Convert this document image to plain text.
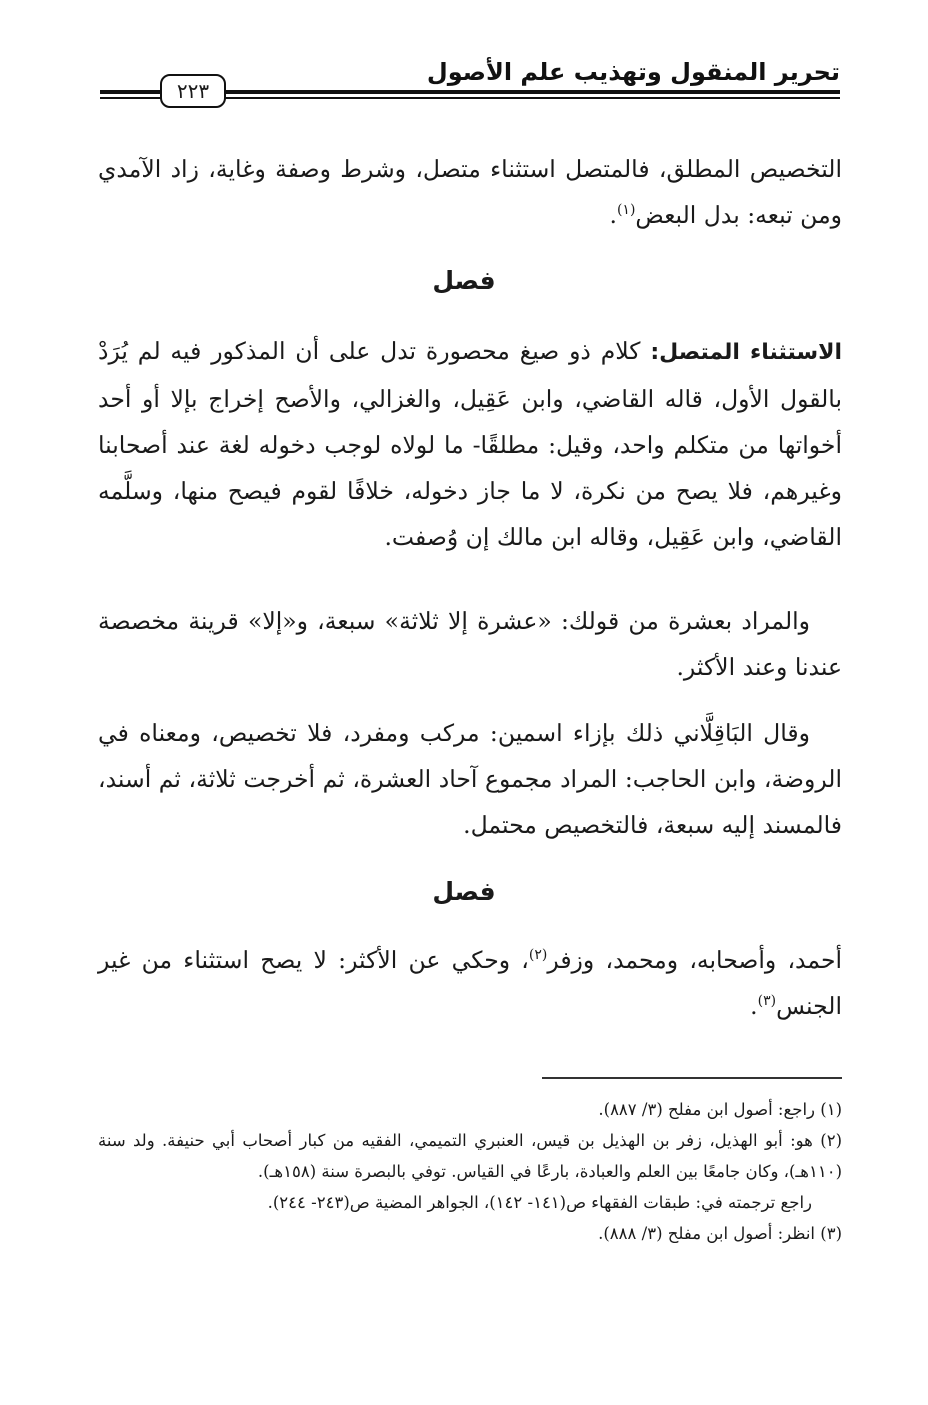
تحرير المنقول وتهذيب علم الأصول
٢٢٣

التخصيص المطلق، فالمتصل استثناء متصل، وشرط وصفة وغاية، زاد الآمدي ومن تبعه: بدل البعض$^{(١)}$.

فصل

الاستثناء المتصل: كلام ذو صيغ محصورة تدل على أن المذكور فيه لم يُرَدْ بالقول الأول، قاله القاضي، وابن عَقِيل، والغزالي، والأصح إخراج بإلا أو أحد أخواتها من متكلم واحد، وقيل: مطلقًا- ما لولاه لوجب دخوله لغة عند أصحابنا وغيرهم، فلا يصح من نكرة، لا ما جاز دخوله، خلافًا لقوم فيصح منها، وسلَّمه القاضي، وابن عَقِيل، وقاله ابن مالك إن وُصفت.

والمراد بعشرة من قولك: «عشرة إلا ثلاثة» سبعة، و«إلا» قرينة مخصصة عندنا وعند الأكثر.

وقال البَاقِلَّاني ذلك بإزاء اسمين: مركب ومفرد، فلا تخصيص، ومعناه في الروضة، وابن الحاجب: المراد مجموع آحاد العشرة، ثم أخرجت ثلاثة، ثم أسند، فالمسند إليه سبعة، فالتخصيص محتمل.

فصل

أحمد، وأصحابه، ومحمد، وزفر$^{(٢)}$، وحكي عن الأكثر: لا يصح استثناء من غير الجنس$^{(٣)}$.

(١) راجع: أصول ابن مفلح (٣/ ٨٨٧).

(٢) هو: أبو الهذيل، زفر بن الهذيل بن قيس، العنبري التميمي، الفقيه من كبار أصحاب أبي حنيفة. ولد سنة (١١٠هـ)، وكان جامعًا بين العلم والعبادة، بارعًا في القياس. توفي بالبصرة سنة (١٥٨هـ).

راجع ترجمته في: طبقات الفقهاء ص(١٤١- ١٤٢)، الجواهر المضية ص(٢٤٣- ٢٤٤).

(٣) انظر: أصول ابن مفلح (٣/ ٨٨٨).
